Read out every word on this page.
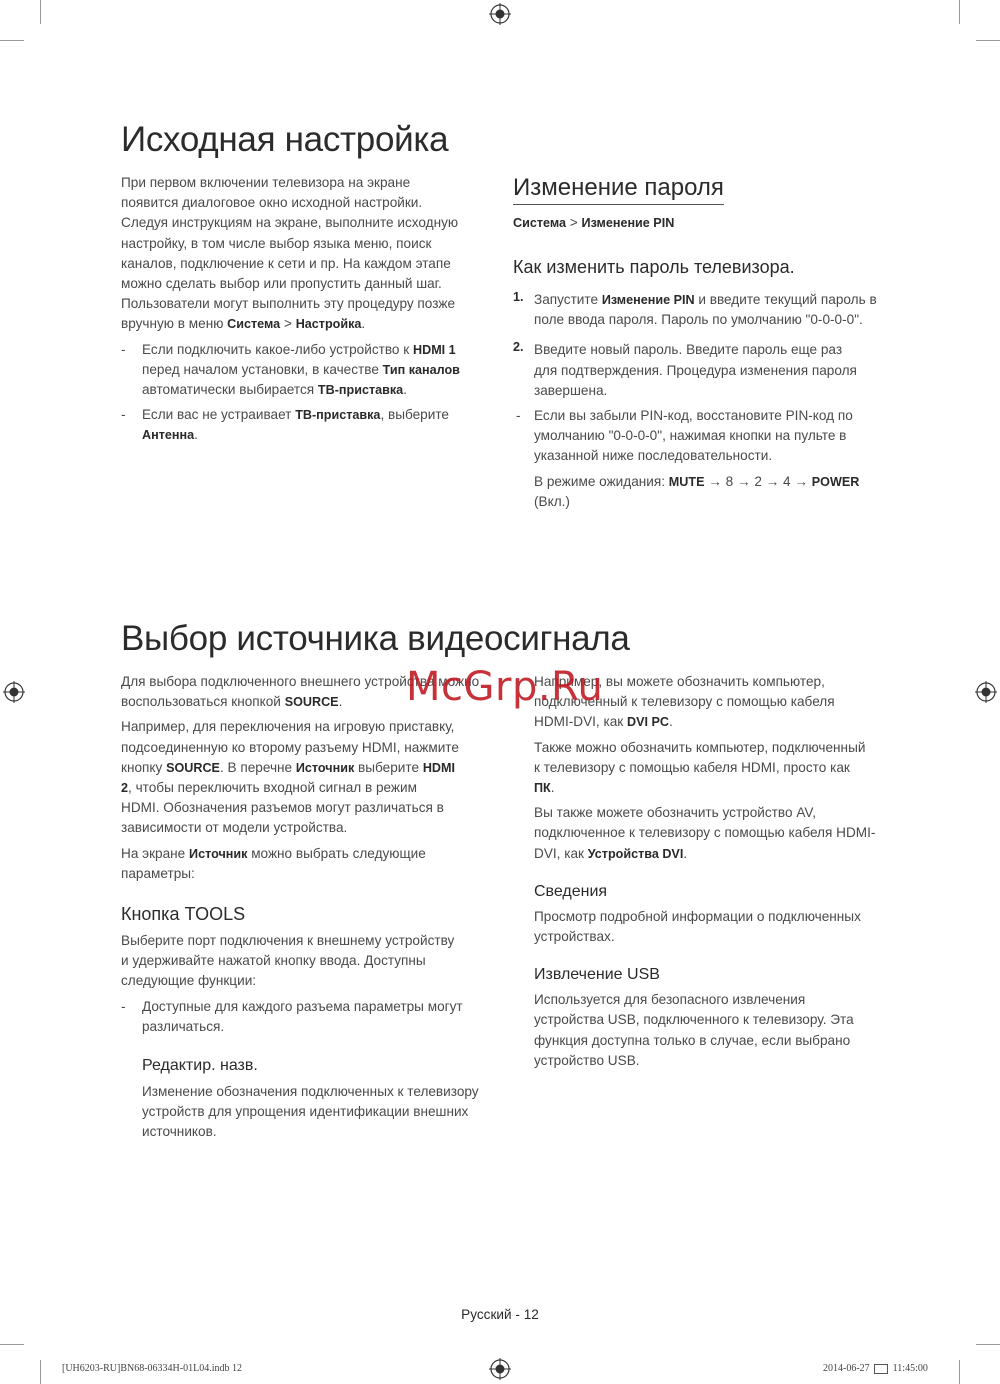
Исходная настройка

При первом включении телевизора на экране

появится диалоговое окно исходной настройки.

Следуя инструкциям на экране, выполните исходную

настройку, в том числе выбор языка меню, поиск

каналов, подключение к сети и пр. На каждом этапе

можно сделать выбор или пропустить данный шаг.

Пользователи могут выполнить эту процедуру позже

вручную в меню Система > Настройка.

- Если подключить какое-либо устройство к HDMI 1

перед началом установки, в качестве Тип каналов

автоматически выбирается ТВ-приставка.

- Если вас не устраивает ТВ-приставка, выберите

Антенна.

Изменение пароля

Система > Изменение PIN

Как изменить пароль телевизора.
1. Запустите Изменение PIN и введите текущий пароль в

поле ввода пароля. Пароль по умолчанию "0-0-0-0".

2. Введите новый пароль. Введите пароль еще раз

для подтверждения. Процедура изменения пароля

завершена.

- Если вы забыли PIN-код, восстановите PIN-код по

умолчанию "0-0-0-0", нажимая кнопки на пульте в

указанной ниже последовательности.

В режиме ожидания: MUTE → 8 → 2 → 4 → POWER

(Вкл.)

Выбор источника видеосигнала

Для выбора подключенного внешнего устройства можно

воспользоваться кнопкой SOURCE.

Например, для переключения на игровую приставку,

подсоединенную ко второму разъему HDMI, нажмите

кнопку SOURCE. В перечне Источник выберите HDMI

2, чтобы переключить входной сигнал в режим

HDMI. Обозначения разъемов могут различаться в

зависимости от модели устройства.

На экране Источник можно выбрать следующие

параметры:

Кнопка TOOLS

Выберите порт подключения к внешнему устройству

и удерживайте нажатой кнопку ввода. Доступны

следующие функции:

- Доступные для каждого разъема параметры могут

различаться.

Редактир. назв.

Изменение обозначения подключенных к телевизору

устройств для упрощения идентификации внешних

источников.

Например, вы можете обозначить компьютер,

подключенный к телевизору с помощью кабеля

HDMI-DVI, как DVI PC.

Также можно обозначить компьютер, подключенный

к телевизору с помощью кабеля HDMI, просто как

ПК.

Вы также можете обозначить устройство AV,

подключенное к телевизору с помощью кабеля HDMI-

DVI, как Устройства DVI.

Сведения

Просмотр подробной информации о подключенных

устройствах.

Извлечение USB

Используется для безопасного извлечения

устройства USB, подключенного к телевизору. Эта

функция доступна только в случае, если выбрано

устройство USB.

McGrp.Ru
Русский - 12
[UH6203-RU]BN68-06334H-01L04.indb 12	2014-06-27 11:45:00
